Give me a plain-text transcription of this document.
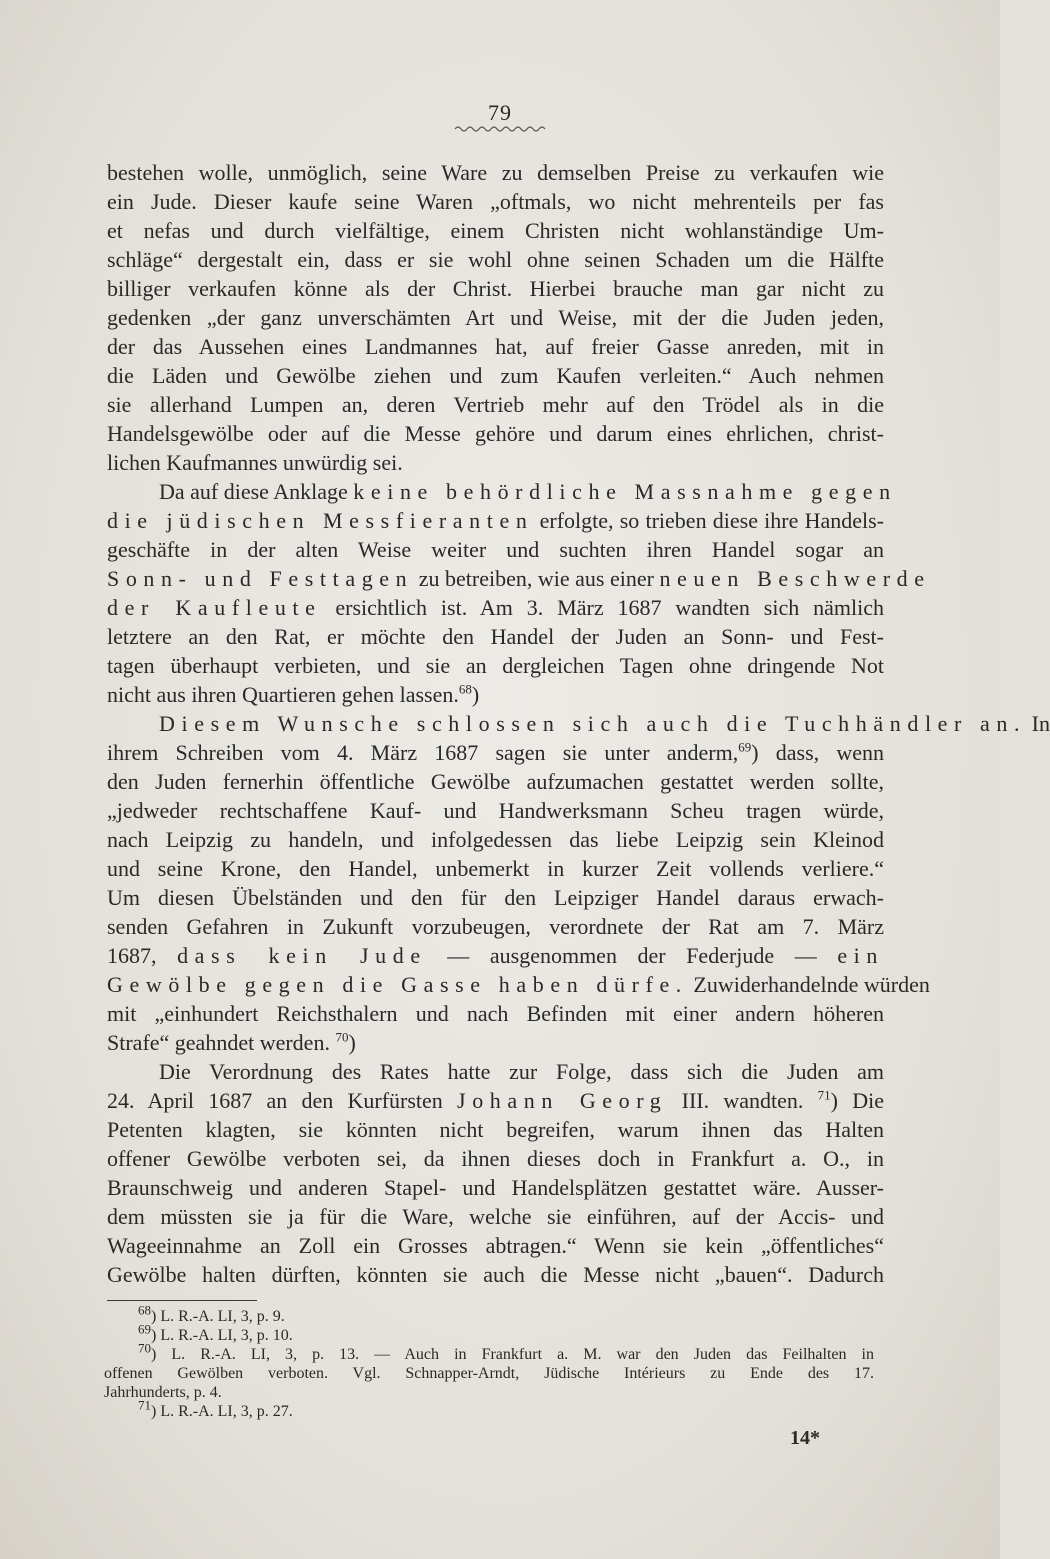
79
bestehen wolle, unmöglich, seine Ware zu demselben Preise zu verkaufen wie
ein Jude. Dieser kaufe seine Waren „oftmals, wo nicht mehrenteils per fas
et nefas und durch vielfältige, einem Christen nicht wohlanständige Um-
schläge“ dergestalt ein, dass er sie wohl ohne seinen Schaden um die Hälfte
billiger verkaufen könne als der Christ. Hierbei brauche man gar nicht zu
gedenken „der ganz unverschämten Art und Weise, mit der die Juden jeden,
der das Aussehen eines Landmannes hat, auf freier Gasse anreden, mit in
die Läden und Gewölbe ziehen und zum Kaufen verleiten.“ Auch nehmen
sie allerhand Lumpen an, deren Vertrieb mehr auf den Trödel als in die
Handelsgewölbe oder auf die Messe gehöre und darum eines ehrlichen, christ-
lichen Kaufmannes unwürdig sei.
Da auf diese Anklage keine behördliche Massnahme gegen
die jüdischen Messfieranten erfolgte, so trieben diese ihre Handels-
geschäfte in der alten Weise weiter und suchten ihren Handel sogar an
Sonn- und Festtagen zu betreiben, wie aus einer neuen Beschwerde
der Kaufleute ersichtlich ist. Am 3. März 1687 wandten sich nämlich
letztere an den Rat, er möchte den Handel der Juden an Sonn- und Fest-
tagen überhaupt verbieten, und sie an dergleichen Tagen ohne dringende Not
nicht aus ihren Quartieren gehen lassen.$^{68}$)
Diesem Wunsche schlossen sich auch die Tuchhändler an. In
ihrem Schreiben vom 4. März 1687 sagen sie unter anderm,$^{69}$) dass, wenn
den Juden fernerhin öffentliche Gewölbe aufzumachen gestattet werden sollte,
„jedweder rechtschaffene Kauf- und Handwerksmann Scheu tragen würde,
nach Leipzig zu handeln, und infolgedessen das liebe Leipzig sein Kleinod
und seine Krone, den Handel, unbemerkt in kurzer Zeit vollends verliere.“
Um diesen Übelständen und den für den Leipziger Handel daraus erwach-
senden Gefahren in Zukunft vorzubeugen, verordnete der Rat am 7. März
1687, dass kein Jude — ausgenommen der Federjude — ein
Gewölbe gegen die Gasse haben dürfe. Zuwiderhandelnde würden
mit „einhundert Reichsthalern und nach Befinden mit einer andern höheren
Strafe“ geahndet werden. $^{70}$)
Die Verordnung des Rates hatte zur Folge, dass sich die Juden am
24. April 1687 an den Kurfürsten Johann Georg III. wandten. $^{71}$) Die
Petenten klagten, sie könnten nicht begreifen, warum ihnen das Halten
offener Gewölbe verboten sei, da ihnen dieses doch in Frankfurt a. O., in
Braunschweig und anderen Stapel- und Handelsplätzen gestattet wäre. Ausser-
dem müssten sie ja für die Ware, welche sie einführen, auf der Accis- und
Wageeinnahme an Zoll ein Grosses abtragen.“ Wenn sie kein „öffentliches“
Gewölbe halten dürften, könnten sie auch die Messe nicht „bauen“. Dadurch
$^{68}$) L. R.-A. LI, 3, p. 9.
$^{69}$) L. R.-A. LI, 3, p. 10.
$^{70}$) L. R.-A. LI, 3, p. 13. — Auch in Frankfurt a. M. war den Juden das Feilhalten in
offenen Gewölben verboten. Vgl. Schnapper-Arndt, Jüdische Intérieurs zu Ende des 17.
Jahrhunderts, p. 4.
$^{71}$) L. R.-A. LI, 3, p. 27.
14*
